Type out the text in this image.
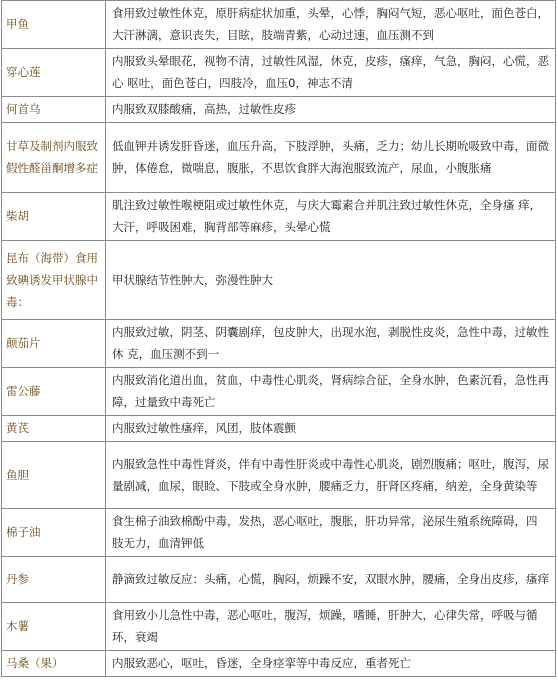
甲鱼	食用致过敏性休克，原肝病症状加重，头晕，心悸，胸闷气短，恶心呕吐，面色苍白，大汗淋漓，意识丧失，目眩，肢端青紫，心动过速，血压测不到
穿心莲	内服致头晕眼花，视物不清，过敏性风湿，休克，皮疹，瘙痒，气急，胸闷，心慌，恶心 呕吐，面色苍白，四肢冷，血压0，神志不清
何首乌	内服致双膝酸痛，高热，过敏性皮疹
甘草及制剂内服致假性醛甾酮增多症	低血钾并诱发肝昏迷，血压升高，下肢浮肿，头痛，乏力；幼儿长期吮吸致中毒，面微肿，体倦怠，微喘息，腹胀，不思饮食胖大海泡服致流产，尿血，小腹胀痛
柴胡	肌注致过敏性喉梗阻或过敏性休克，与庆大霉素合并肌注致过敏性休克，全身瘙 痒，大汗，呼吸困难，胸背部等麻疹，头晕心慌
昆布（海带）食用致碘诱发甲状腺中毒：	甲状腺结节性肿大，弥漫性肿大
颠茄片	内服致过敏，阴茎、阴囊剧痒，包皮肿大，出现水泡，剥脱性皮炎，急性中毒，过敏性休 克，血压测不到一
雷公藤	内服致消化道出血，贫血，中毒性心肌炎，肾病综合征，全身水肿，色素沉看，急性再障，过量致中毒死亡
黄芪	内服致过敏性瘙痒，风团，肢体震颤
鱼胆	内服致急性中毒性肾炎，伴有中毒性肝炎或中毒性心肌炎，剧烈腹痛；呕吐，腹泻，尿量剧减，血尿，眼睑、下肢或全身水肿，腰痛乏力，肝肾区疼痛，纳差，全身黄染等
棉子油	食生棉子油致棉酚中毒，发热，恶心呕吐，腹胀，肝功异常，泌尿生殖系统障碍，四 肢无力，血清钾低
丹参	静滴致过敏反应：头痛，心慌，胸闷，烦躁不安，双眼水肿，腰痛，全身出皮疹，瘙痒
木薯	食用致小儿急性中毒，恶心呕吐，腹泻，烦躁，嗜睡，肝肿大，心律失常，呼吸与循环，衰竭
马桑（果）	内服致恶心，呕吐，昏迷，全身痉挛等中毒反应，重者死亡
